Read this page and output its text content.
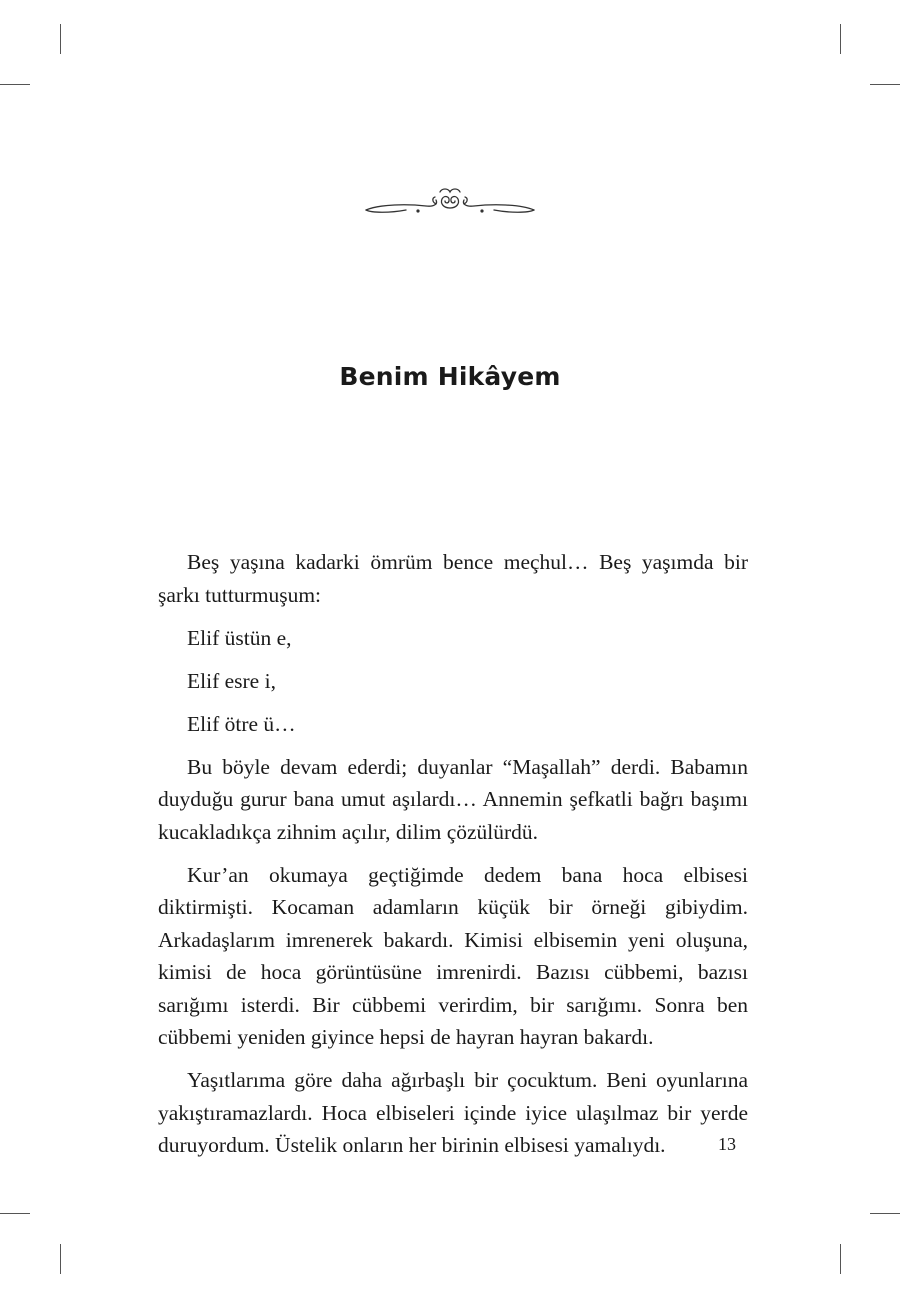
Benim Hikâyem

Beş yaşına kadarki ömrüm bence meçhul… Beş yaşımda bir şarkı tutturmuşum:

Elif üstün e,

Elif esre i,

Elif ötre ü…

Bu böyle devam ederdi; duyanlar “Maşallah” derdi. Babamın duyduğu gurur bana umut aşılardı… Annemin şefkatli bağrı başımı kucakladıkça zihnim açılır, dilim çözülürdü.

Kur’an okumaya geçtiğimde dedem bana hoca elbisesi diktirmişti. Kocaman adamların küçük bir örneği gibiydim. Arkadaşlarım imrenerek bakardı. Kimisi elbisemin yeni oluşuna, kimisi de hoca görüntüsüne imrenirdi. Bazısı cübbemi, bazısı sarığımı isterdi. Bir cübbemi verirdim, bir sarığımı. Sonra ben cübbemi yeniden giyince hepsi de hayran hayran bakardı.

Yaşıtlarıma göre daha ağırbaşlı bir çocuktum. Beni oyunlarına yakıştıramazlardı. Hoca elbiseleri içinde iyice ulaşılmaz bir yerde duruyordum. Üstelik onların her birinin elbisesi yamalıydı.	13
